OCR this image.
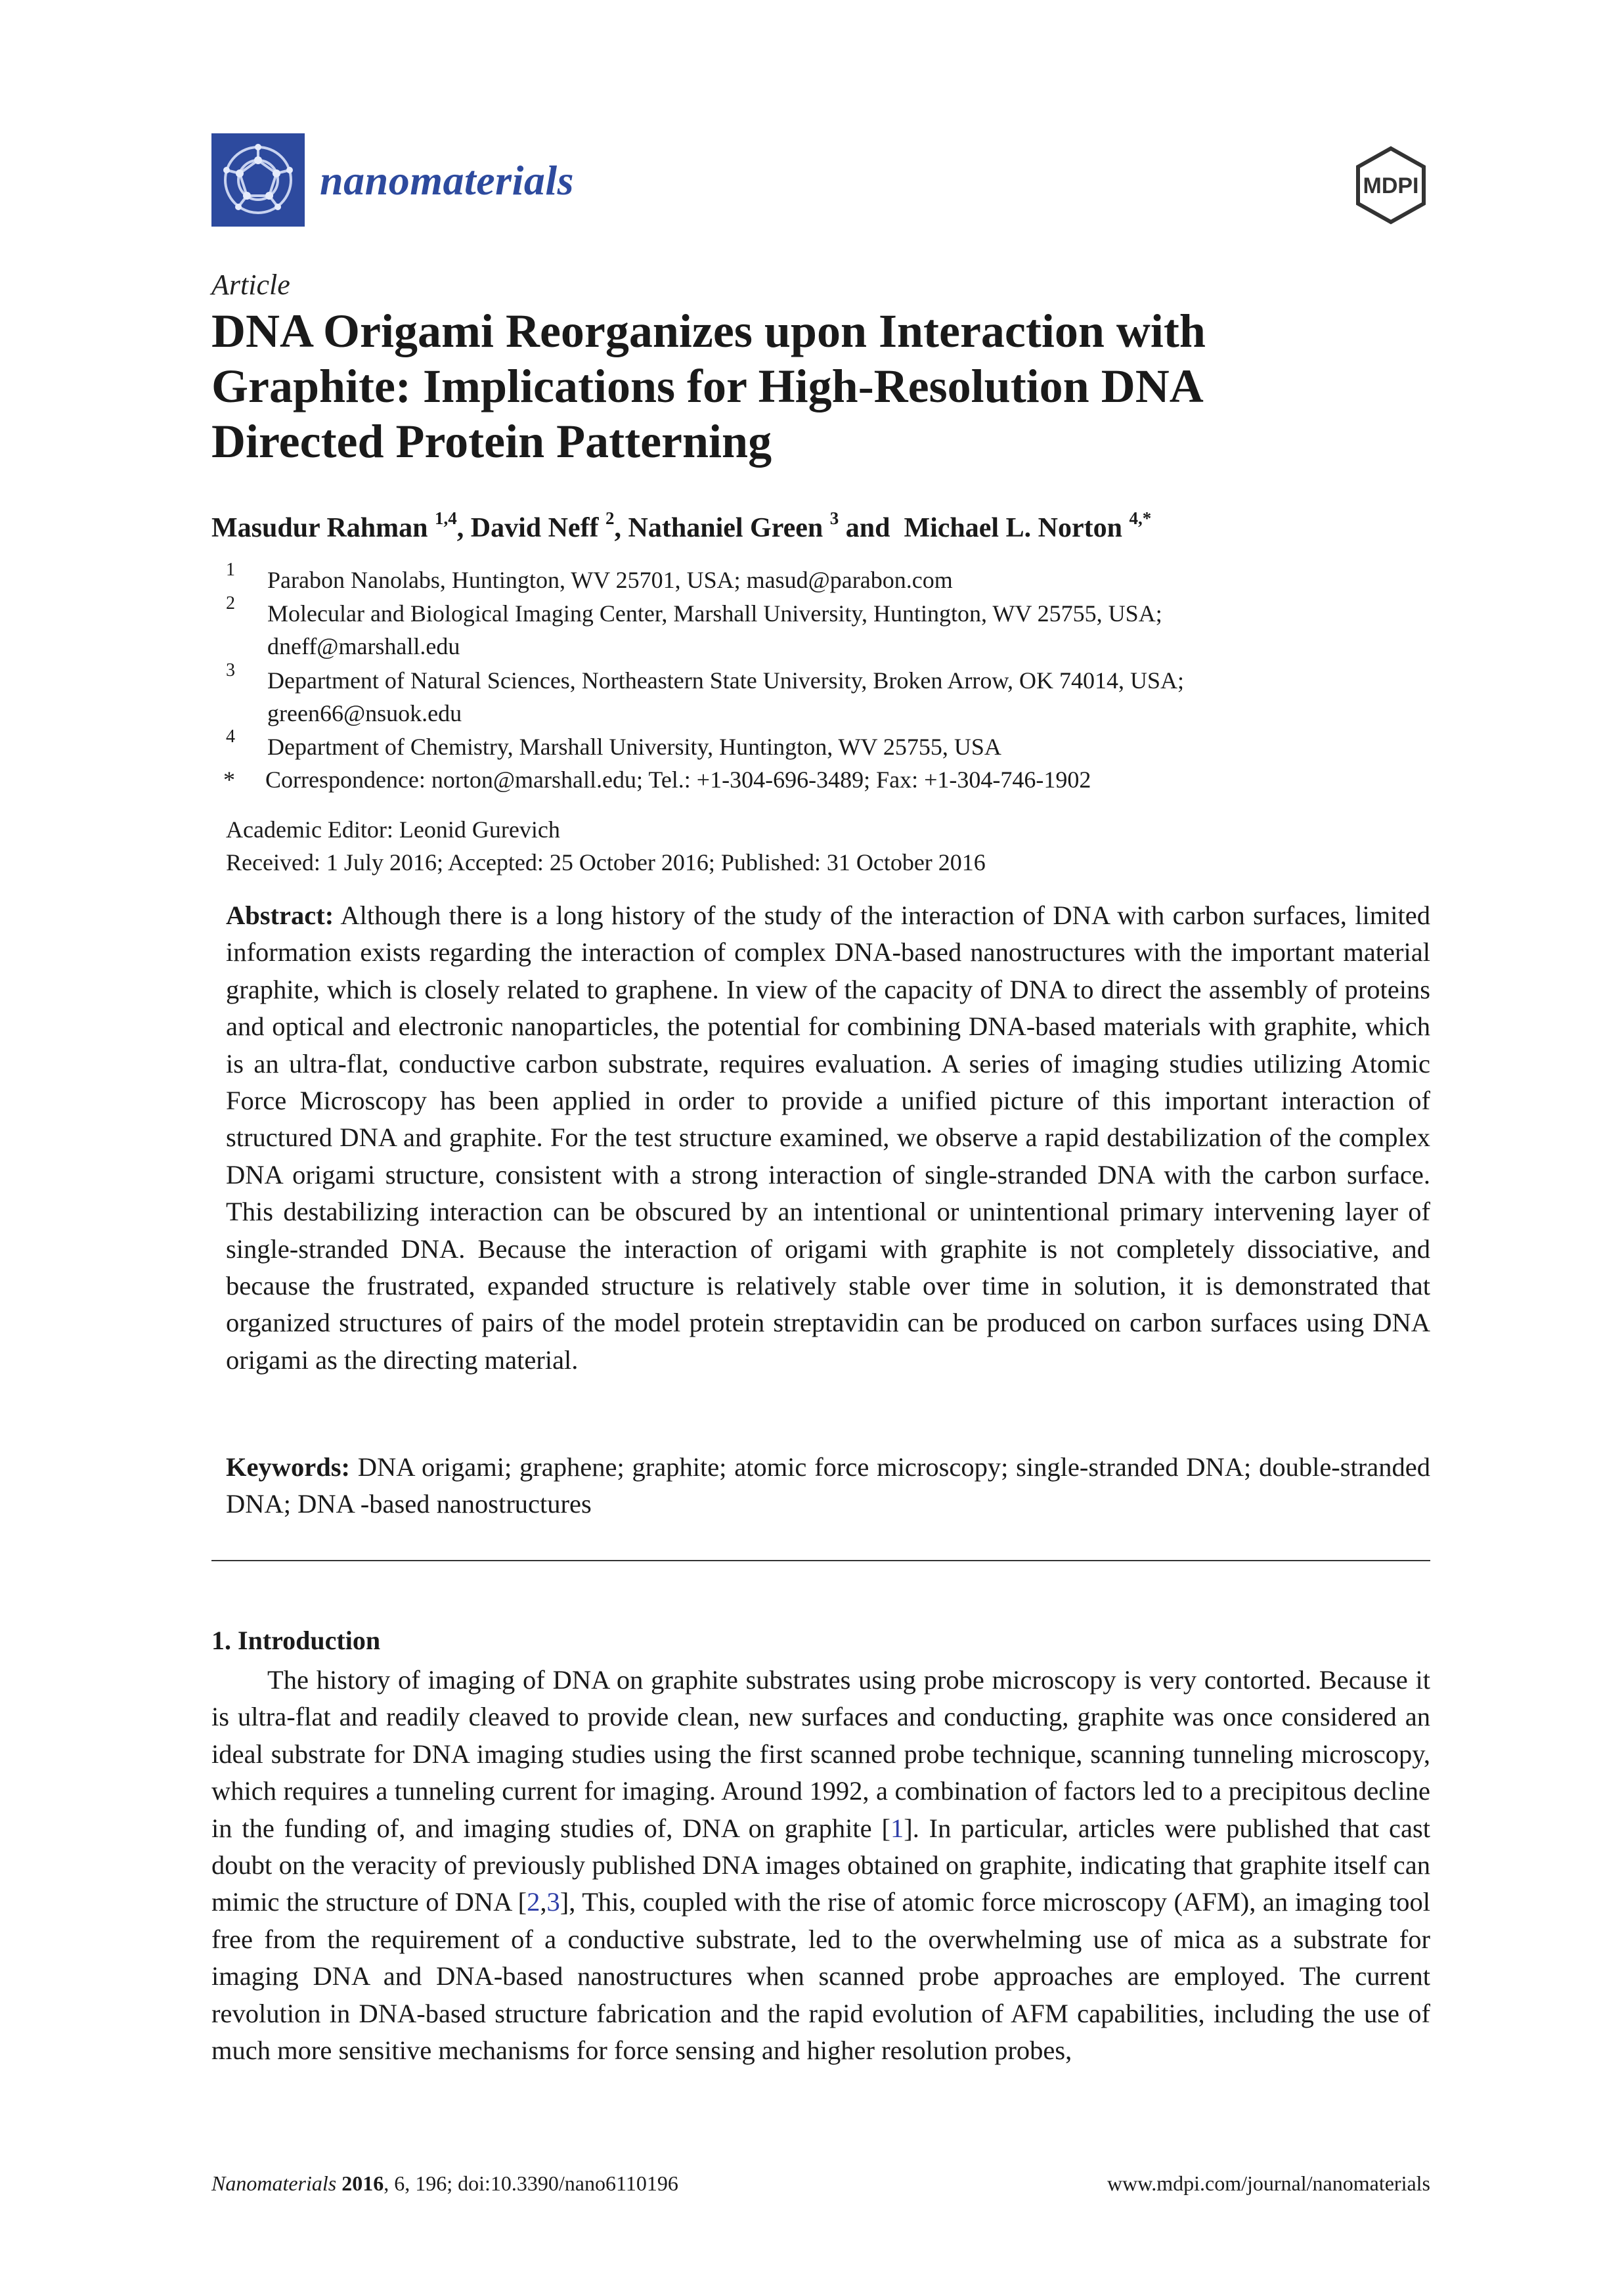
nanomaterials	MDPI
Article
DNA Origami Reorganizes upon Interaction with
Graphite: Implications for High-Resolution DNA
Directed Protein Patterning
Masudur Rahman $^{1,4}$, David Neff $^2$, Nathaniel Green $^3$ and  Michael L. Norton $^{4,*}$
1 Parabon Nanolabs, Huntington, WV 25701, USA; masud@parabon.com
2 Molecular and Biological Imaging Center, Marshall University, Huntington, WV 25755, USA;
dneff@marshall.edu
3 Department of Natural Sciences, Northeastern State University, Broken Arrow, OK 74014, USA;
green66@nsuok.edu
4 Department of Chemistry, Marshall University, Huntington, WV 25755, USA
* Correspondence: norton@marshall.edu; Tel.: +1-304-696-3489; Fax: +1-304-746-1902
Academic Editor: Leonid Gurevich
Received: 1 July 2016; Accepted: 25 October 2016; Published: 31 October 2016
Abstract: Although there is a long history of the study of the interaction of DNA with carbon surfaces, limited information exists regarding the interaction of complex DNA-based nanostructures with the important material graphite, which is closely related to graphene. In view of the capacity of DNA to direct the assembly of proteins and optical and electronic nanoparticles, the potential for combining DNA-based materials with graphite, which is an ultra-flat, conductive carbon substrate, requires evaluation. A series of imaging studies utilizing Atomic Force Microscopy has been applied in order to provide a unified picture of this important interaction of structured DNA and graphite. For the test structure examined, we observe a rapid destabilization of the complex DNA origami structure, consistent with a strong interaction of single-stranded DNA with the carbon surface. This destabilizing interaction can be obscured by an intentional or unintentional primary intervening layer of single-stranded DNA. Because the interaction of origami with graphite is not completely dissociative, and because the frustrated, expanded structure is relatively stable over time in solution, it is demonstrated that organized structures of pairs of the model protein streptavidin can be produced on carbon surfaces using DNA origami as the directing material.
Keywords: DNA origami; graphene; graphite; atomic force microscopy; single-stranded DNA; double-stranded DNA; DNA -based nanostructures
1. Introduction
The history of imaging of DNA on graphite substrates using probe microscopy is very contorted. Because it is ultra-flat and readily cleaved to provide clean, new surfaces and conducting, graphite was once considered an ideal substrate for DNA imaging studies using the first scanned probe technique, scanning tunneling microscopy, which requires a tunneling current for imaging. Around 1992, a combination of factors led to a precipitous decline in the funding of, and imaging studies of, DNA on graphite [1]. In particular, articles were published that cast doubt on the veracity of previously published DNA images obtained on graphite, indicating that graphite itself can mimic the structure of DNA [2,3], This, coupled with the rise of atomic force microscopy (AFM), an imaging tool free from the requirement of a conductive substrate, led to the overwhelming use of mica as a substrate for imaging DNA and DNA-based nanostructures when scanned probe approaches are employed. The current revolution in DNA-based structure fabrication and the rapid evolution of AFM capabilities, including the use of much more sensitive mechanisms for force sensing and higher resolution probes,
Nanomaterials 2016, 6, 196; doi:10.3390/nano6110196	www.mdpi.com/journal/nanomaterials
